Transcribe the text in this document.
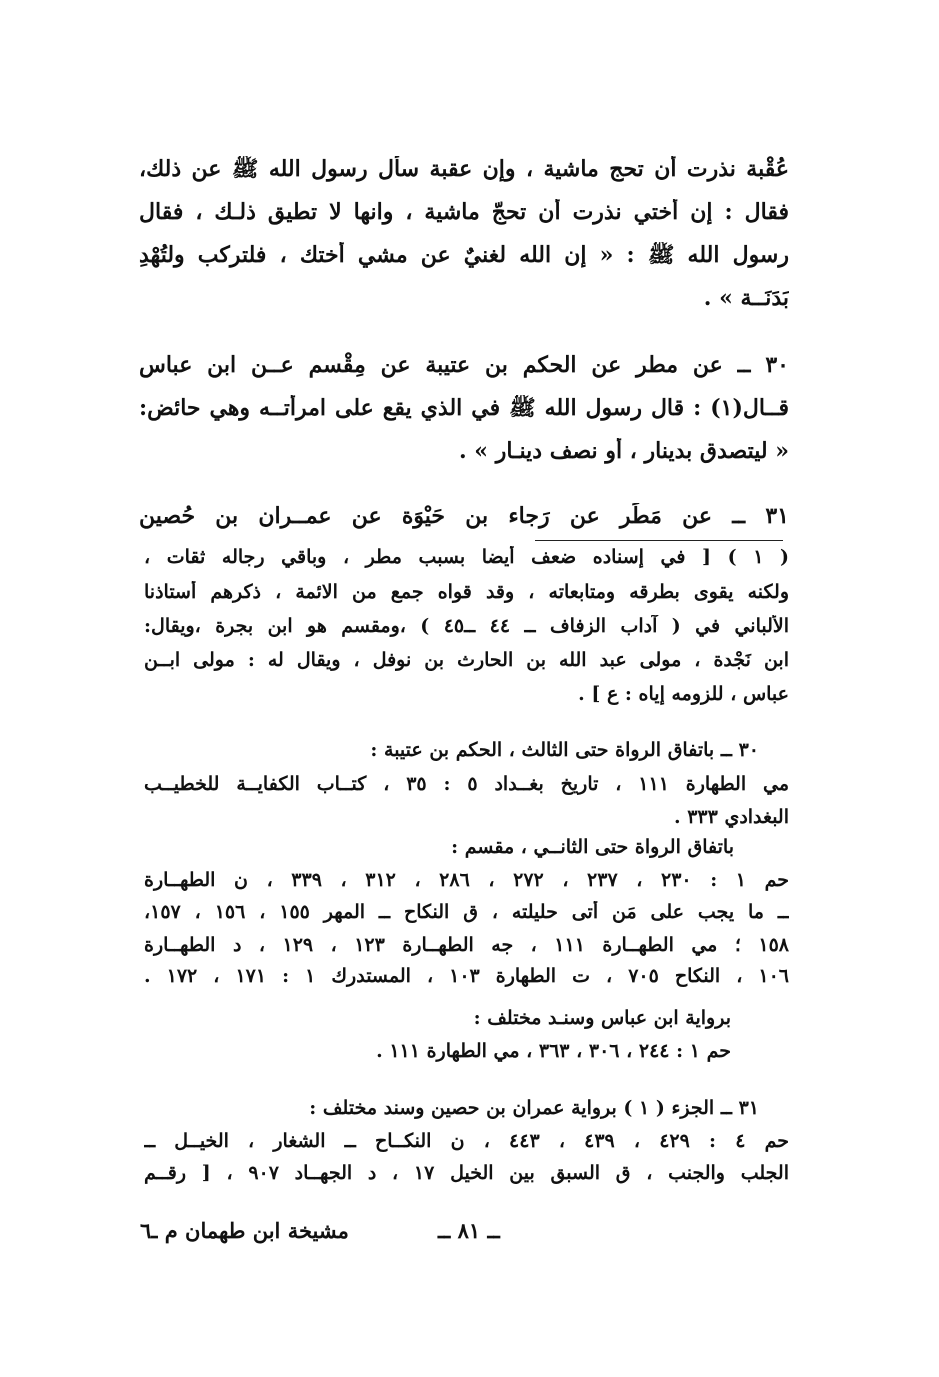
عُقْبة نذرت أن تحج ماشية ، وإن عقبة سأل رسول الله ﷺ عن ذلك،
فقال : إن أختي نذرت أن تحجّ ماشية ، وانها لا تطيق ذلـك ، فقال
رسول الله ﷺ : « إن الله لغنيٌ عن مشي أختك ، فلتركب ولتُهْدِ
بَدَنَــة » .
٣٠ ــ عن مطر عن الحكم بن عتيبة عن مِقْسم عــن ابن عباس
قــال(١) : قال رسول الله ﷺ في الذي يقع على امرأتــه وهي حائض:
« ليتصدق بدينار ، أو نصف دينـار » .
٣١ ــ عن مَطَر عن رَجاء بن حَيْوَة عن عمــران بن حُصين
( ١ ) [ في إسناده ضعف أيضا بسبب مطر ، وباقي رجاله ثقات ،
ولكنه يقوى بطرقه ومتابعاته ، وقد قواه جمع من الائمة ، ذكرهم أستاذنا
الألباني في ( آداب الزفاف ــ ٤٤ ــ٤٥ ) ،ومقسم هو ابن بجرة ،ويقال:
ابن نَجْدة ، مولى عبد الله بن الحارث بن نوفل ، ويقال له : مولى ابــن
عباس ، للزومه إياه : ع ] .
٣٠ ــ باتفاق الرواة حتى الثالث ، الحكم بن عتيبة :
مي الطهارة ١١١ ، تاريخ بغــداد ٥ : ٣٥ ، كتــاب الكفايــة للخطيــب
البغدادي ٣٣٣ .
باتفاق الرواة حتى الثانــي ، مقسم :
حم ١ : ٢٣٠ ، ٢٣٧ ، ٢٧٢ ، ٢٨٦ ، ٣١٢ ، ٣٣٩ ، ن الطهــارة
ــ ما يجب على مَن أتى حليلته ، ق النكاح ــ المهر ١٥٥ ، ١٥٦ ، ١٥٧،
١٥٨ ؛ مي الطهــارة ١١١ ، جه الطهــارة ١٢٣ ، ١٢٩ ، د الطهــارة
١٠٦ ، النكاح ٧٠٥ ، ت الطهارة ١٠٣ ، المستدرك ١ : ١٧١ ، ١٧٢ .
برواية ابن عباس وسنـد مختلف :
حم ١ : ٢٤٤ ، ٣٠٦ ، ٣٦٣ ، مي الطهارة ١١١ .
٣١ ــ الجزء ( ١ ) برواية عمران بن حصين وسند مختلف :
حم ٤ : ٤٢٩ ، ٤٣٩ ، ٤٤٣ ، ن النكــاح ــ الشغار ، الخيــل ــ
الجلب والجنب ، ق السبق بين الخيل ١٧ ، د الجهــاد ٩٠٧ ، [ رقــم
ــ ٨١ ــ
مشيخة ابن طهمان م ـ٦
